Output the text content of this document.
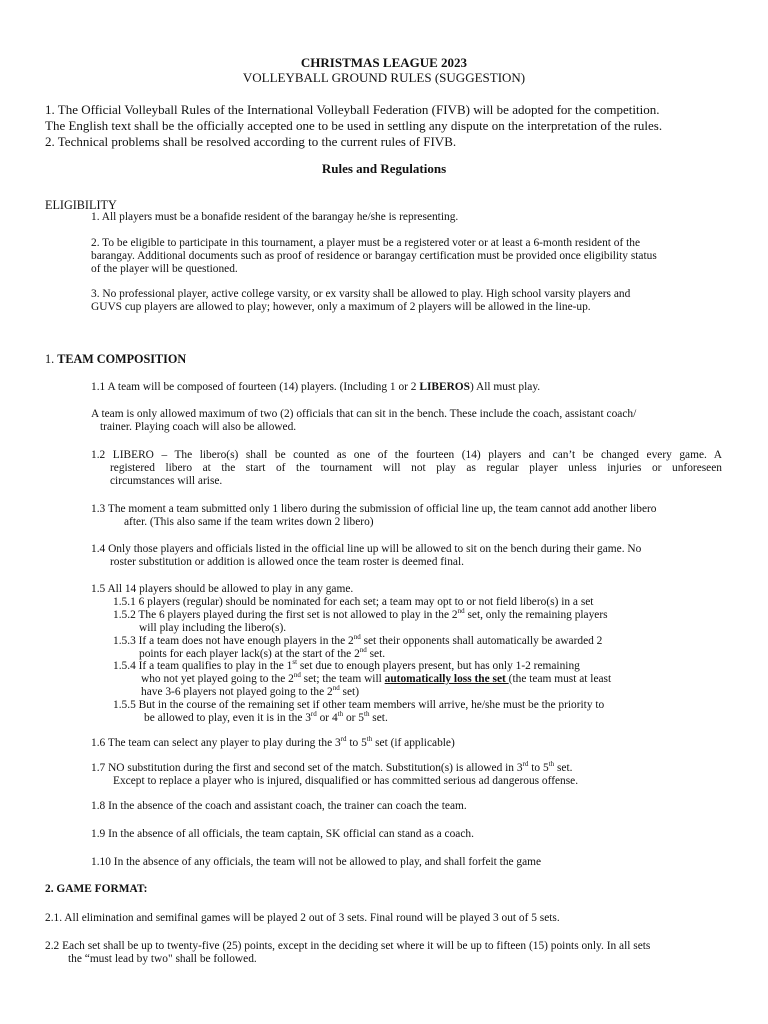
CHRISTMAS LEAGUE 2023
VOLLEYBALL GROUND RULES (SUGGESTION)
1. The Official Volleyball Rules of the International Volleyball Federation (FIVB) will be adopted for the competition.
The English text shall be the officially accepted one to be used in settling any dispute on the interpretation of the rules.
2. Technical problems shall be resolved according to the current rules of FIVB.
Rules and Regulations
ELIGIBILITY
1. All players must be a bonafide resident of the barangay he/she is representing.
2. To be eligible to participate in this tournament, a player must be a registered voter or at least a 6-month resident of the
barangay. Additional documents such as proof of residence or barangay certification must be provided once eligibility status
of the player will be questioned.
3. No professional player, active college varsity, or ex varsity shall be allowed to play. High school varsity players and
GUVS cup players are allowed to play; however, only a maximum of 2 players will be allowed in the line-up.
1. TEAM COMPOSITION
1.1 A team will be composed of fourteen (14) players. (Including 1 or 2 LIBEROS) All must play.
A team is only allowed maximum of two (2) officials that can sit in the bench. These include the coach, assistant coach/
trainer. Playing coach will also be allowed.
1.2 LIBERO – The libero(s) shall be counted as one of the fourteen (14) players and can’t be changed every game. A
registered libero at the start of the tournament will not play as regular player unless injuries or unforeseen
circumstances will arise.
1.3 The moment a team submitted only 1 libero during the submission of official line up, the team cannot add another libero
after. (This also same if the team writes down 2 libero)
1.4 Only those players and officials listed in the official line up will be allowed to sit on the bench during their game. No
roster substitution or addition is allowed once the team roster is deemed final.
1.5 All 14 players should be allowed to play in any game.
1.5.1 6 players (regular) should be nominated for each set; a team may opt to or not field libero(s) in a set
1.5.2 The 6 players played during the first set is not allowed to play in the 2nd set, only the remaining players
will play including the libero(s).
1.5.3 If a team does not have enough players in the 2nd set their opponents shall automatically be awarded 2
points for each player lack(s) at the start of the 2nd set.
1.5.4 If a team qualifies to play in the 1st set due to enough players present, but has only 1-2 remaining
who not yet played going to the 2nd set; the team will automatically loss the set (the team must at least
have 3-6 players not played going to the 2nd set)
1.5.5 But in the course of the remaining set if other team members will arrive, he/she must be the priority to
be allowed to play, even it is in the 3rd or 4th or 5th set.
1.6 The team can select any player to play during the 3rd to 5th set (if applicable)
1.7 NO substitution during the first and second set of the match. Substitution(s) is allowed in 3rd to 5th set.
Except to replace a player who is injured, disqualified or has committed serious ad dangerous offense.
1.8 In the absence of the coach and assistant coach, the trainer can coach the team.
1.9 In the absence of all officials, the team captain, SK official can stand as a coach.
1.10 In the absence of any officials, the team will not be allowed to play, and shall forfeit the game
2. GAME FORMAT:
2.1. All elimination and semifinal games will be played 2 out of 3 sets. Final round will be played 3 out of 5 sets.
2.2 Each set shall be up to twenty-five (25) points, except in the deciding set where it will be up to fifteen (15) points only. In all sets
the “must lead by two" shall be followed.
